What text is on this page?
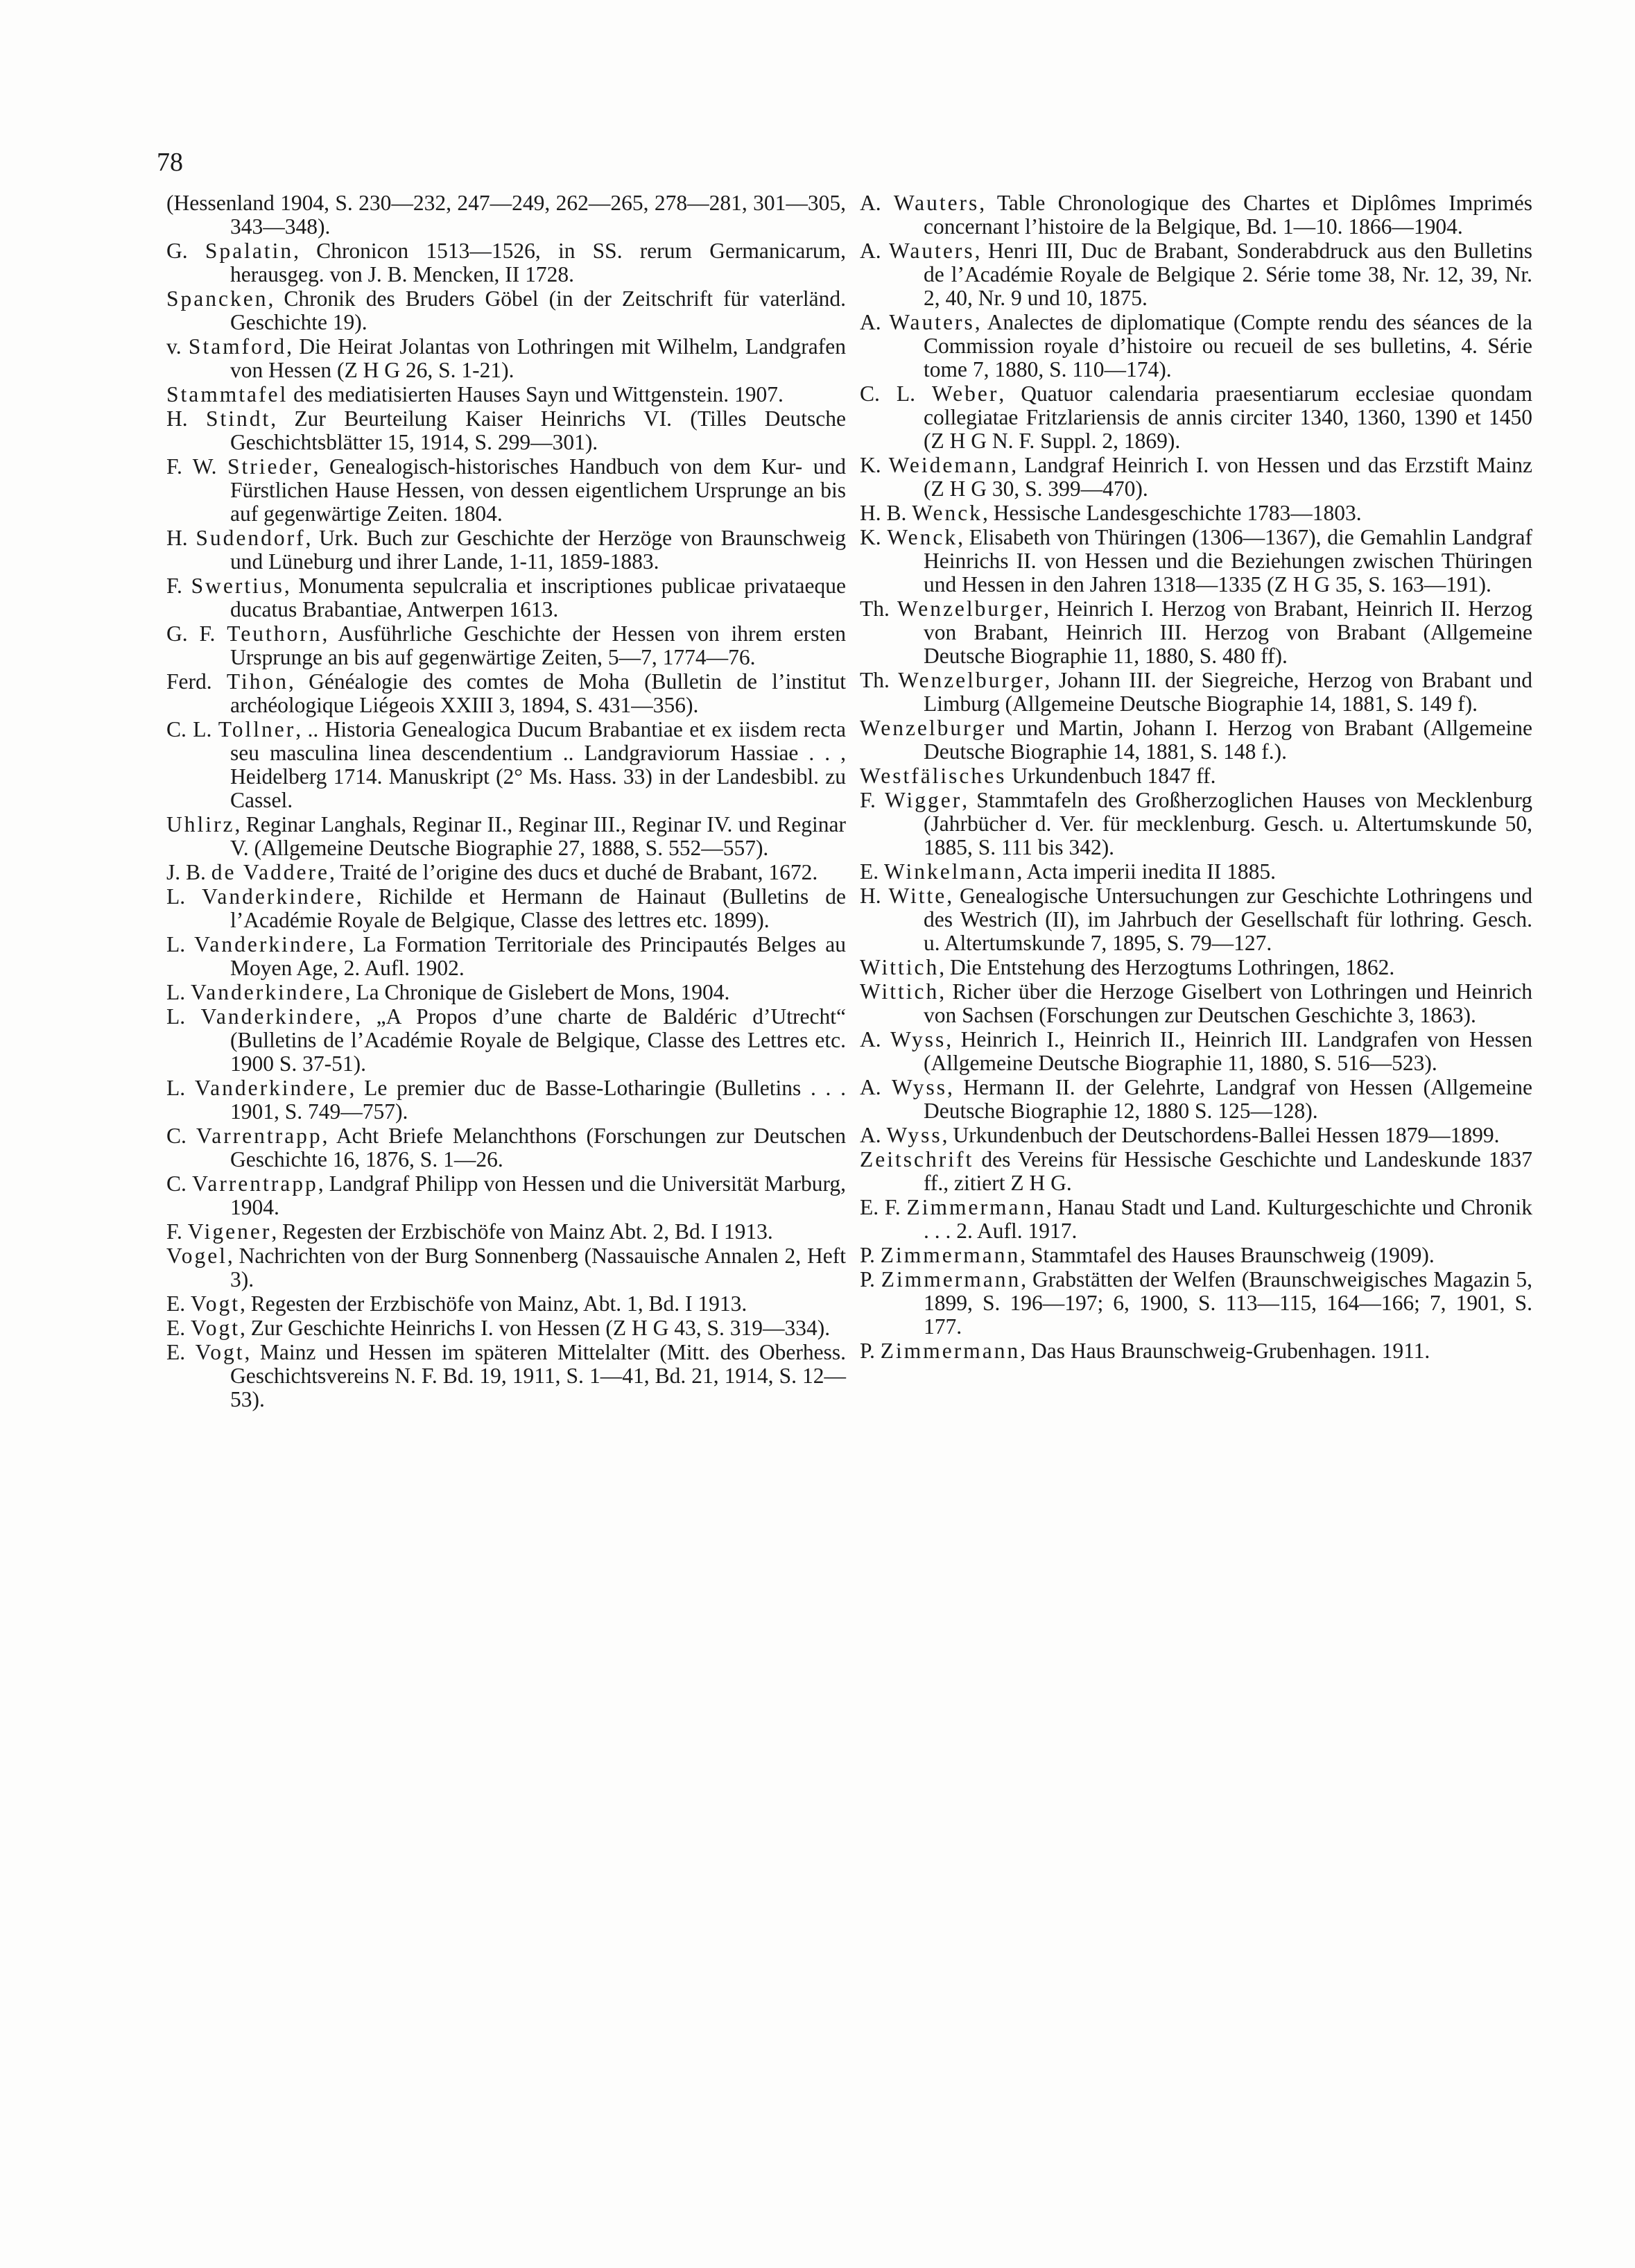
78

(Hessenland 1904, S. 230—232, 247—249, 262—265, 278—281, 301—305, 343—348).

G. Spalatin, Chronicon 1513—1526, in SS. rerum Germanicarum, herausgeg. von J. B. Mencken, II 1728.

Spancken, Chronik des Bruders Göbel (in der Zeitschrift für vaterländ. Geschichte 19).

v. Stamford, Die Heirat Jolantas von Lothringen mit Wilhelm, Landgrafen von Hessen (Z H G 26, S. 1-21).

Stammtafel des mediatisierten Hauses Sayn und Wittgenstein. 1907.

H. Stindt, Zur Beurteilung Kaiser Heinrichs VI. (Tilles Deutsche Geschichtsblätter 15, 1914, S. 299—301).

F. W. Strieder, Genealogisch-historisches Handbuch von dem Kur- und Fürstlichen Hause Hessen, von dessen eigentlichem Ursprunge an bis auf gegenwärtige Zeiten. 1804.

H. Sudendorf, Urk. Buch zur Geschichte der Herzöge von Braunschweig und Lüneburg und ihrer Lande, 1-11, 1859-1883.

F. Swertius, Monumenta sepulcralia et inscriptiones publicae privataeque ducatus Brabantiae, Antwerpen 1613.

G. F. Teuthorn, Ausführliche Geschichte der Hessen von ihrem ersten Ursprunge an bis auf gegenwärtige Zeiten, 5—7, 1774—76.

Ferd. Tihon, Généalogie des comtes de Moha (Bulletin de l’institut archéologique Liégeois XXIII 3, 1894, S. 431—356).

C. L. Tollner, .. Historia Genealogica Ducum Brabantiae et ex iisdem recta seu masculina linea descendentium .. Landgraviorum Hassiae . . , Heidelberg 1714. Manuskript (2° Ms. Hass. 33) in der Landesbibl. zu Cassel.

Uhlirz, Reginar Langhals, Reginar II., Reginar III., Reginar IV. und Reginar V. (Allgemeine Deutsche Biographie 27, 1888, S. 552—557).

J. B. de Vaddere, Traité de l’origine des ducs et duché de Brabant, 1672.

L. Vanderkindere, Richilde et Hermann de Hainaut (Bulletins de l’Académie Royale de Belgique, Classe des lettres etc. 1899).

L. Vanderkindere, La Formation Territoriale des Principautés Belges au Moyen Age, 2. Aufl. 1902.

L. Vanderkindere, La Chronique de Gislebert de Mons, 1904.

L. Vanderkindere, „A Propos d’une charte de Baldéric d’Utrecht“ (Bulletins de l’Académie Royale de Belgique, Classe des Lettres etc. 1900 S. 37-51).

L. Vanderkindere, Le premier duc de Basse-Lotharingie (Bulletins . . . 1901, S. 749—757).

C. Varrentrapp, Acht Briefe Melanchthons (Forschungen zur Deutschen Geschichte 16, 1876, S. 1—26.

C. Varrentrapp, Landgraf Philipp von Hessen und die Universität Marburg, 1904.

F. Vigener, Regesten der Erzbischöfe von Mainz Abt. 2, Bd. I 1913.

Vogel, Nachrichten von der Burg Sonnenberg (Nassauische Annalen 2, Heft 3).

E. Vogt, Regesten der Erzbischöfe von Mainz, Abt. 1, Bd. I 1913.

E. Vogt, Zur Geschichte Heinrichs I. von Hessen (Z H G 43, S. 319—334).

E. Vogt, Mainz und Hessen im späteren Mittelalter (Mitt. des Oberhess. Geschichtsvereins N. F. Bd. 19, 1911, S. 1—41, Bd. 21, 1914, S. 12—53).

A. Wauters, Table Chronologique des Chartes et Diplômes Imprimés concernant l’histoire de la Belgique, Bd. 1—10. 1866—1904.

A. Wauters, Henri III, Duc de Brabant, Sonderabdruck aus den Bulletins de l’Académie Royale de Belgique 2. Série tome 38, Nr. 12, 39, Nr. 2, 40, Nr. 9 und 10, 1875.

A. Wauters, Analectes de diplomatique (Compte rendu des séances de la Commission royale d’histoire ou recueil de ses bulletins, 4. Série tome 7, 1880, S. 110—174).

C. L. Weber, Quatuor calendaria praesentiarum ecclesiae quondam collegiatae Fritzlariensis de annis circiter 1340, 1360, 1390 et 1450 (Z H G N. F. Suppl. 2, 1869).

K. Weidemann, Landgraf Heinrich I. von Hessen und das Erzstift Mainz (Z H G 30, S. 399—470).

H. B. Wenck, Hessische Landesgeschichte 1783—1803.

K. Wenck, Elisabeth von Thüringen (1306—1367), die Gemahlin Landgraf Heinrichs II. von Hessen und die Beziehungen zwischen Thüringen und Hessen in den Jahren 1318—1335 (Z H G 35, S. 163—191).

Th. Wenzelburger, Heinrich I. Herzog von Brabant, Heinrich II. Herzog von Brabant, Heinrich III. Herzog von Brabant (Allgemeine Deutsche Biographie 11, 1880, S. 480 ff).

Th. Wenzelburger, Johann III. der Siegreiche, Herzog von Brabant und Limburg (Allgemeine Deutsche Biographie 14, 1881, S. 149 f).

Wenzelburger und Martin, Johann I. Herzog von Brabant (Allgemeine Deutsche Biographie 14, 1881, S. 148 f.).

Westfälisches Urkundenbuch 1847 ff.

F. Wigger, Stammtafeln des Großherzoglichen Hauses von Mecklenburg (Jahrbücher d. Ver. für mecklenburg. Gesch. u. Altertumskunde 50, 1885, S. 111 bis 342).

E. Winkelmann, Acta imperii inedita II 1885.

H. Witte, Genealogische Untersuchungen zur Geschichte Lothringens und des Westrich (II), im Jahrbuch der Gesellschaft für lothring. Gesch. u. Altertumskunde 7, 1895, S. 79—127.

Wittich, Die Entstehung des Herzogtums Lothringen, 1862.

Wittich, Richer über die Herzoge Giselbert von Lothringen und Heinrich von Sachsen (Forschungen zur Deutschen Geschichte 3, 1863).

A. Wyss, Heinrich I., Heinrich II., Heinrich III. Landgrafen von Hessen (Allgemeine Deutsche Biographie 11, 1880, S. 516—523).

A. Wyss, Hermann II. der Gelehrte, Landgraf von Hessen (Allgemeine Deutsche Biographie 12, 1880 S. 125—128).

A. Wyss, Urkundenbuch der Deutschordens-Ballei Hessen 1879—1899.

Zeitschrift des Vereins für Hessische Geschichte und Landeskunde 1837 ff., zitiert Z H G.

E. F. Zimmermann, Hanau Stadt und Land. Kulturgeschichte und Chronik . . . 2. Aufl. 1917.

P. Zimmermann, Stammtafel des Hauses Braunschweig (1909).

P. Zimmermann, Grabstätten der Welfen (Braunschweigisches Magazin 5, 1899, S. 196—197; 6, 1900, S. 113—115, 164—166; 7, 1901, S. 177.

P. Zimmermann, Das Haus Braunschweig-Grubenhagen. 1911.
